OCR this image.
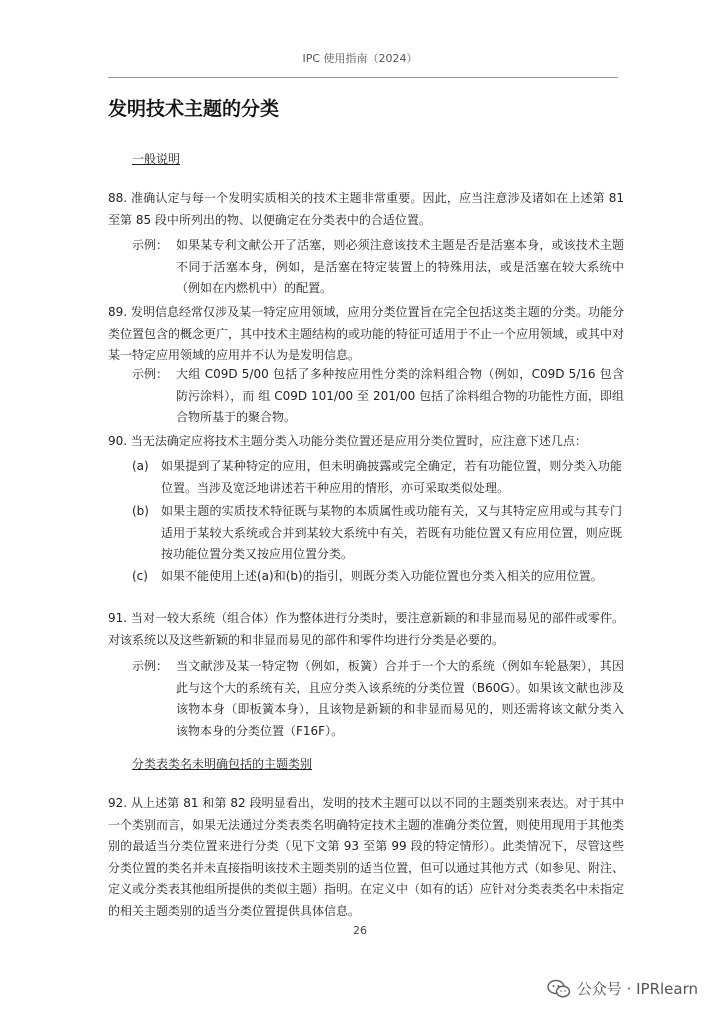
IPC 使用指南（2024）
发明技术主题的分类
一般说明

88. 准确认定与每一个发明实质相关的技术主题非常重要。因此，应当注意涉及诸如在上述第 81 至第 85 段中所列出的物、以便确定在分类表中的合适位置。

示例： 如果某专利文献公开了活塞，则必须注意该技术主题是否是活塞本身，或该技术主题不同于活塞本身，例如，是活塞在特定装置上的特殊用法，或是活塞在较大系统中（例如在内燃机中）的配置。

89. 发明信息经常仅涉及某一特定应用领域，应用分类位置旨在完全包括这类主题的分类。功能分类位置包含的概念更广，其中技术主题结构的或功能的特征可适用于不止一个应用领域，或其中对某一特定应用领域的应用并不认为是发明信息。

示例： 大组 C09D 5/00 包括了多种按应用性分类的涂料组合物（例如，C09D 5/16 包含防污涂料），而 组 C09D 101/00 至 201/00 包括了涂料组合物的功能性方面，即组合物所基于的聚合物。

90. 当无法确定应将技术主题分类入功能分类位置还是应用分类位置时，应注意下述几点：

(a) 如果提到了某种特定的应用，但未明确披露或完全确定，若有功能位置，则分类入功能位置。当涉及宽泛地讲述若干种应用的情形，亦可采取类似处理。
(b) 如果主题的实质技术特征既与某物的本质属性或功能有关，又与其特定应用或与其专门适用于某较大系统或合并到某较大系统中有关，若既有功能位置又有应用位置，则应既按功能位置分类又按应用位置分类。
(c) 如果不能使用上述(a)和(b)的指引，则既分类入功能位置也分类入相关的应用位置。

91. 当对一较大系统（组合体）作为整体进行分类时，要注意新颖的和非显而易见的部件或零件。对该系统以及这些新颖的和非显而易见的部件和零件均进行分类是必要的。

示例： 当文献涉及某一特定物（例如，板簧）合并于一个大的系统（例如车轮悬架），其因此与这个大的系统有关，且应分类入该系统的分类位置（B60G）。如果该文献也涉及该物本身（即板簧本身），且该物是新颖的和非显而易见的，则还需将该文献分类入该物本身的分类位置（F16F）。
分类表类名未明确包括的主题类别

92. 从上述第 81 和第 82 段明显看出，发明的技术主题可以以不同的主题类别来表达。对于其中一个类别而言，如果无法通过分类表类名明确特定技术主题的准确分类位置，则使用现用于其他类别的最适当分类位置来进行分类（见下文第 93 至第 99 段的特定情形）。此类情况下，尽管这些分类位置的类名并未直接指明该技术主题类别的适当位置，但可以通过其他方式（如参见、附注、定义或分类表其他组所提供的类似主题）指明。在定义中（如有的话）应针对分类表类名中未指定的相关主题类别的适当分类位置提供具体信息。

26
公众号 · IPRlearn
